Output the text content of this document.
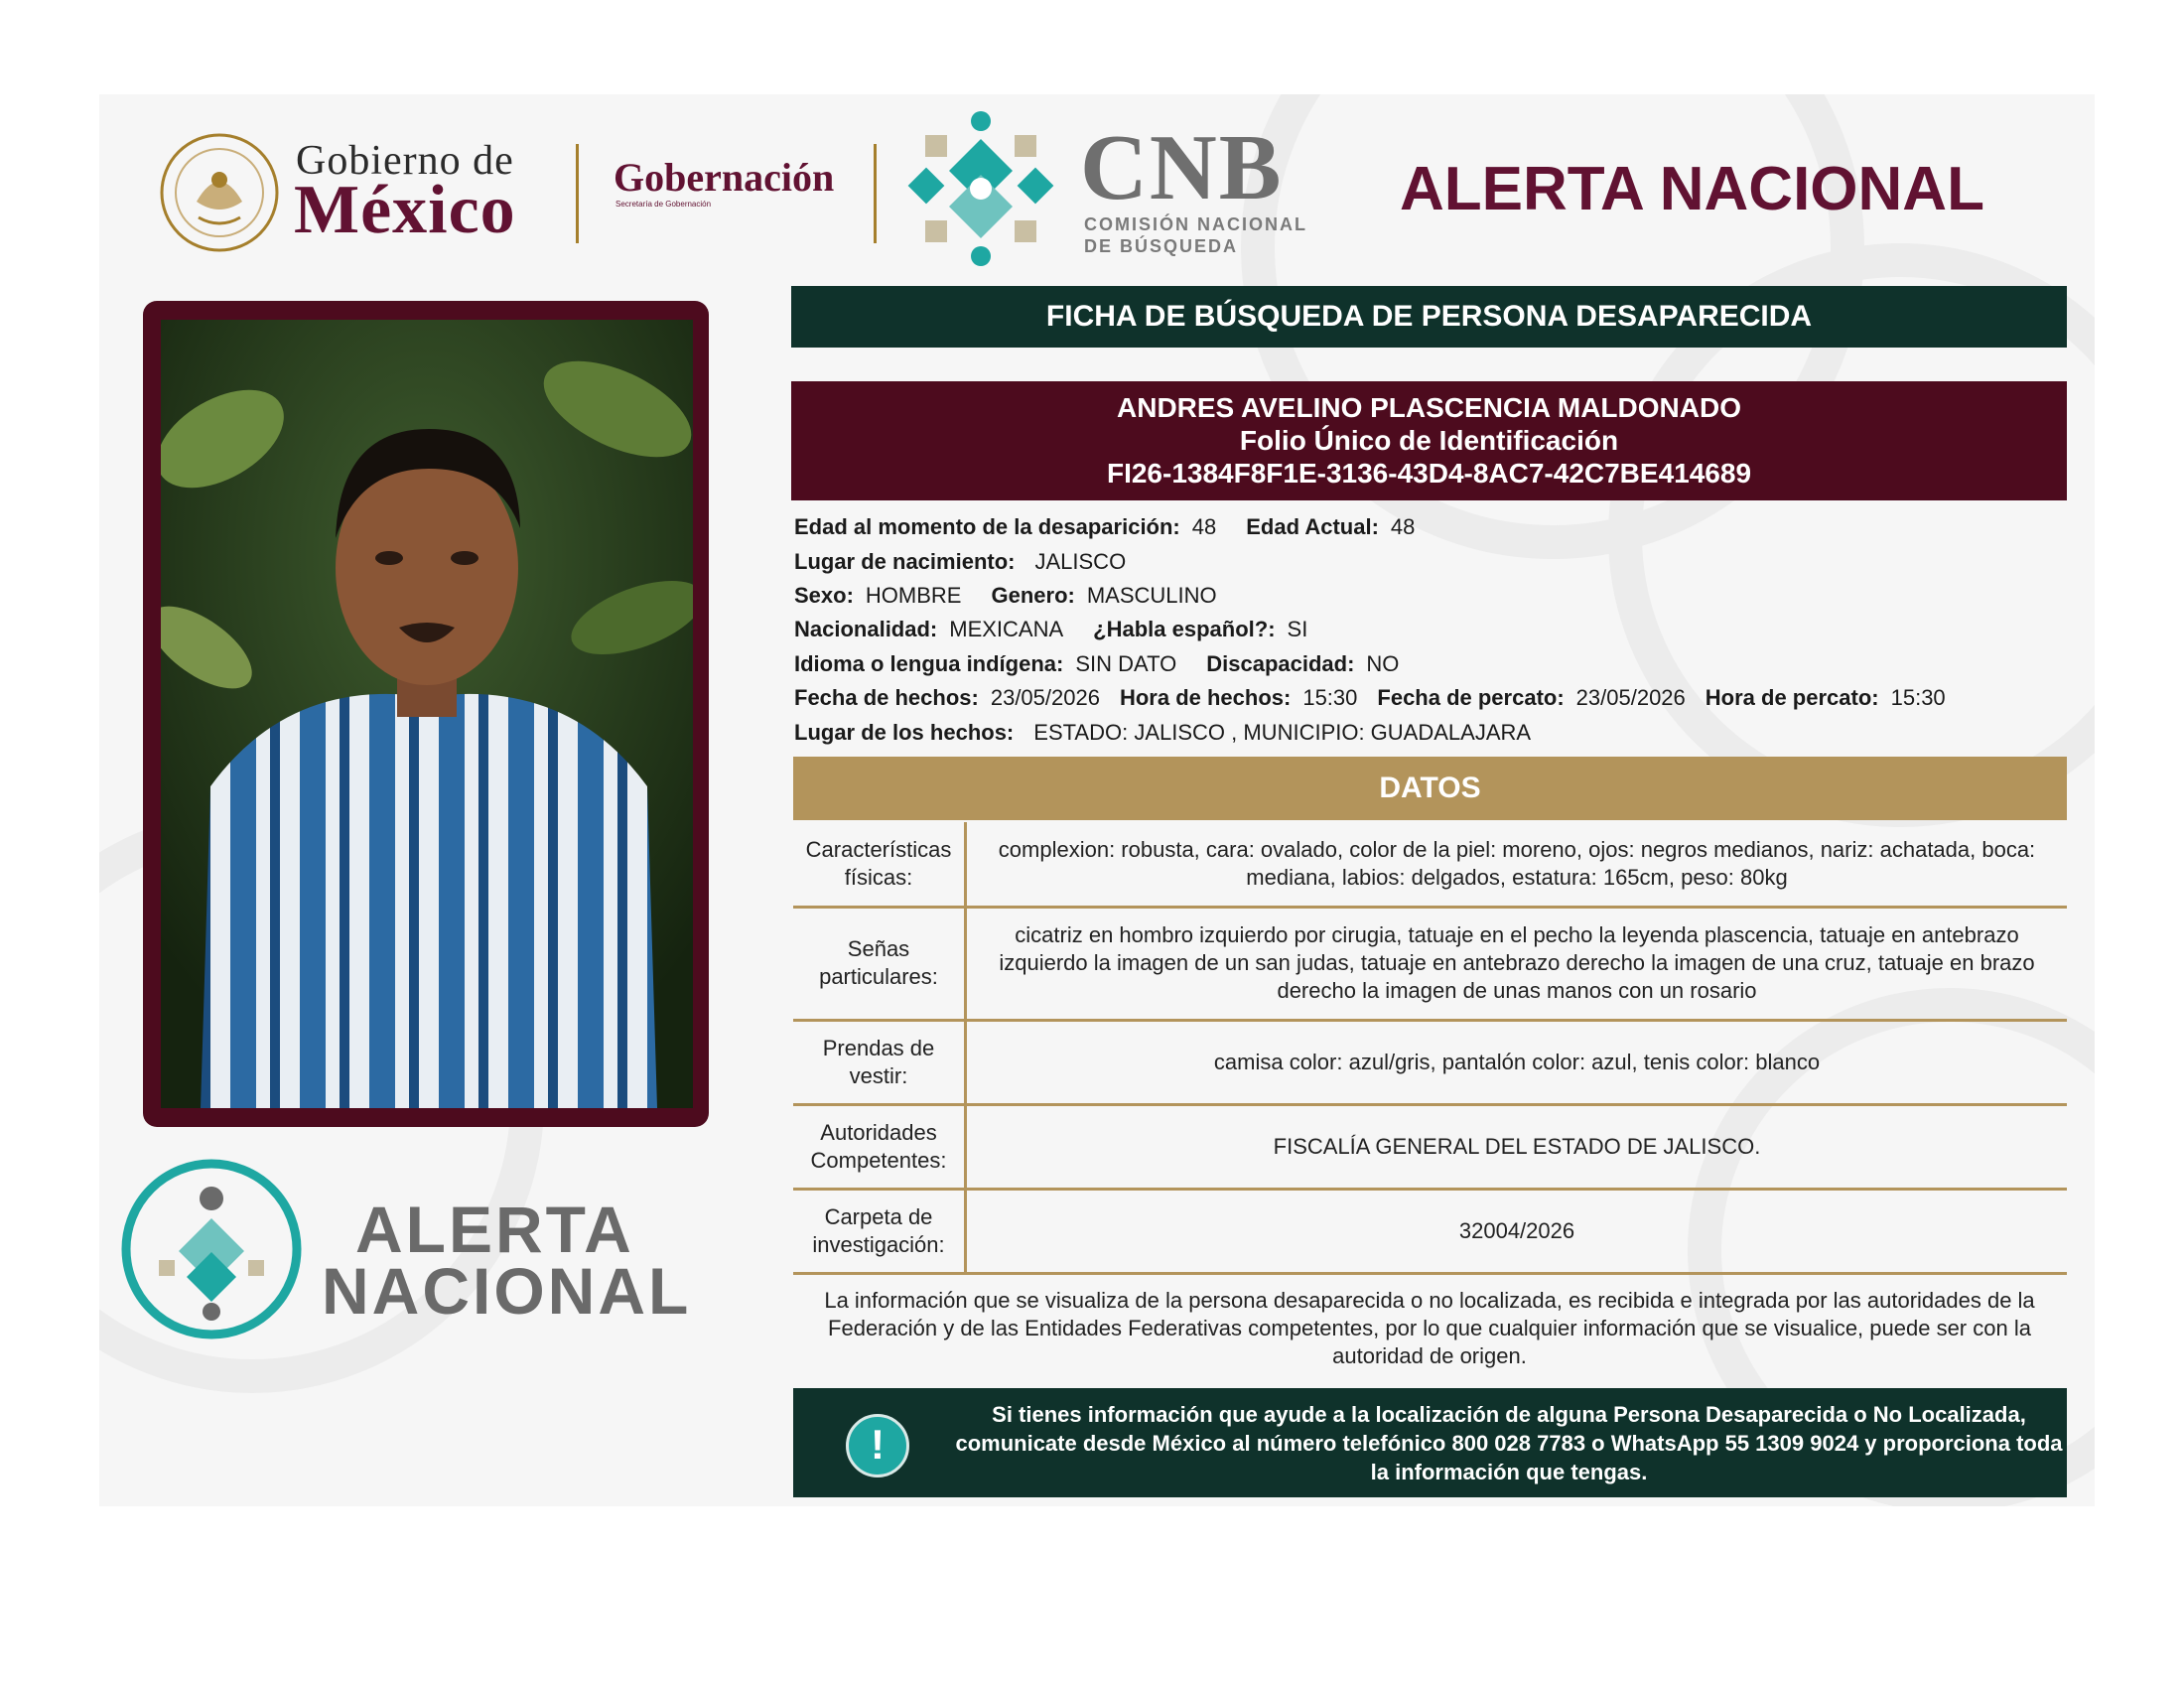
Gobierno de
México Gobernación
Secretaría de Gobernación	CNB
COMISIÓN NACIONAL
DE BÚSQUEDA
ALERTA NACIONAL
ALERTA
NACIONAL
FICHA DE BÚSQUEDA DE PERSONA DESAPARECIDA
ANDRES AVELINO PLASCENCIA MALDONADO
Folio Único de Identificación
FI26-1384F8F1E-3136-43D4-8AC7-42C7BE414689
Edad al momento de la desaparición: 48 Edad Actual: 48
Lugar de nacimiento: JALISCO
Sexo: HOMBRE Genero: MASCULINO
Nacionalidad: MEXICANA ¿Habla español?: SI
Idioma o lengua indígena: SIN DATO Discapacidad: NO
Fecha de hechos: 23/05/2026 Hora de hechos: 15:30 Fecha de percato: 23/05/2026 Hora de percato: 15:30
Lugar de los hechos: ESTADO: JALISCO , MUNICIPIO: GUADALAJARA
DATOS
Características físicas:	complexion: robusta, cara: ovalado, color de la piel: moreno, ojos: negros medianos, nariz: achatada, boca: mediana, labios: delgados, estatura: 165cm, peso: 80kg
Señas particulares:	cicatriz en hombro izquierdo por cirugia, tatuaje en el pecho la leyenda plascencia, tatuaje en antebrazo izquierdo la imagen de un san judas, tatuaje en antebrazo derecho la imagen de una cruz, tatuaje en brazo derecho la imagen de unas manos con un rosario
Prendas de vestir:	camisa color: azul/gris, pantalón color: azul, tenis color: blanco
Autoridades Competentes:	FISCALÍA GENERAL DEL ESTADO DE JALISCO.
Carpeta de investigación:	32004/2026
La información que se visualiza de la persona desaparecida o no localizada, es recibida e integrada por las autoridades de la Federación y de las Entidades Federativas competentes, por lo que cualquier información que se visualice, puede ser con la autoridad de origen.
!
Si tienes información que ayude a la localización de alguna Persona Desaparecida o No Localizada, comunicate desde México al número telefónico 800 028 7783 o WhatsApp 55 1309 9024 y proporciona toda la información que tengas.
